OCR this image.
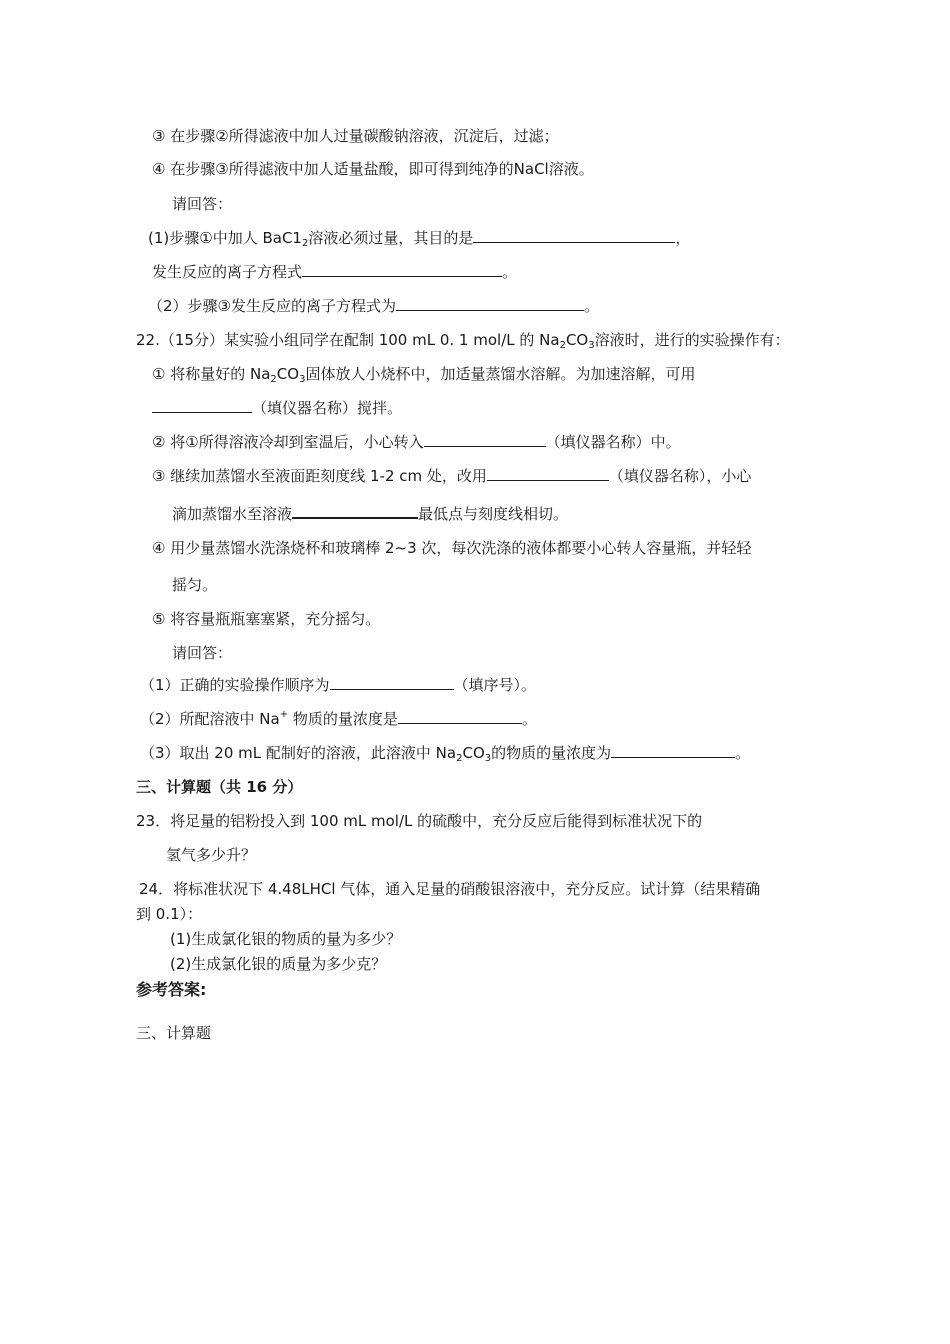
③ 在步骤②所得滤液中加人过量碳酸钠溶液，沉淀后，过滤；
④ 在步骤③所得滤液中加人适量盐酸，即可得到纯净的NaCl溶液。
请回答：
(1)步骤①中加人 $BaC1_2$溶液必须过量，其目的是	，
发生反应的离子方程式	。
（2）步骤③发生反应的离子方程式为	。
22.（15分）某实验小组同学在配制 100 mL 0. 1 mol/L 的 $Na_2CO_3$溶液时，进行的实验操作有：
① 将称量好的 $Na_2CO_3$固体放人小烧杯中，加适量蒸馏水溶解。为加速溶解，可用
（填仪器名称）搅拌。
② 将①所得溶液冷却到室温后，小心转入	（填仪器名称）中。
③ 继续加蒸馏水至液面距刻度线 1-2 cm 处，改用	（填仪器名称），小心
滴加蒸馏水至溶液	最低点与刻度线相切。
④ 用少量蒸馏水洗涤烧杯和玻璃棒 2~3 次，每次洗涤的液体都要小心转人容量瓶，并轻轻
摇匀。
⑤ 将容量瓶瓶塞塞紧，充分摇匀。
请回答：
（1）正确的实验操作顺序为	（填序号）。
（2）所配溶液中 Na+ 物质的量浓度是	。
（3）取出 20 mL 配制好的溶液，此溶液中 $Na_2CO_3$的物质的量浓度为	。
三、计算题（共 16 分）
23．将足量的铝粉投入到 100 mL mol/L 的硫酸中，充分反应后能得到标准状况下的
氢气多少升？
24．将标准状况下 4.48LHCl 气体，通入足量的硝酸银溶液中，充分反应。试计算（结果精确
到 0.1）：
(1)生成氯化银的物质的量为多少？
(2)生成氯化银的质量为多少克？
参考答案:
三、计算题
